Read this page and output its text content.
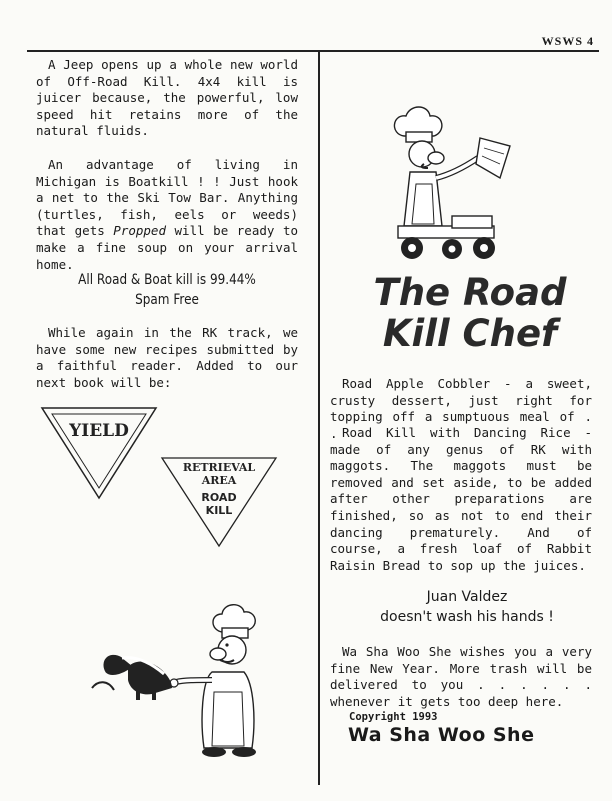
WSWS 4

A Jeep opens up a whole new world of Off-Road Kill. 4x4 kill is juicer because, the powerful, low speed hit retains more of the natural fluids.

An advantage of living in Michigan is Boatkill ! ! Just hook a net to the Ski Tow Bar. Anything (turtles, fish, eels or weeds) that gets Propped will be ready to make a fine soup on your arrival home.

All Road & Boat kill is 99.44%
Spam Free

While again in the RK track, we have some new recipes submitted by a faithful reader. Added to our next book will be:

YIELD
RETRIEVAL
AREA
ROAD
KILL
The Road
Kill Chef

Road Apple Cobbler - a sweet, crusty dessert, just right for topping off a sumptuous meal of . . Road Kill with Dancing Rice - made of any genus of RK with maggots. The maggots must be removed and set aside, to be added after other preparations are finished, so as not to end their dancing prematurely. And of course, a fresh loaf of Rabbit Raisin Bread to sop up the juices.

Juan Valdez
doesn't wash his hands !

Wa Sha Woo She wishes you a very fine New Year. More trash will be delivered to you . . . . . . whenever it gets too deep here.

Copyright 1993
Wa Sha Woo She
